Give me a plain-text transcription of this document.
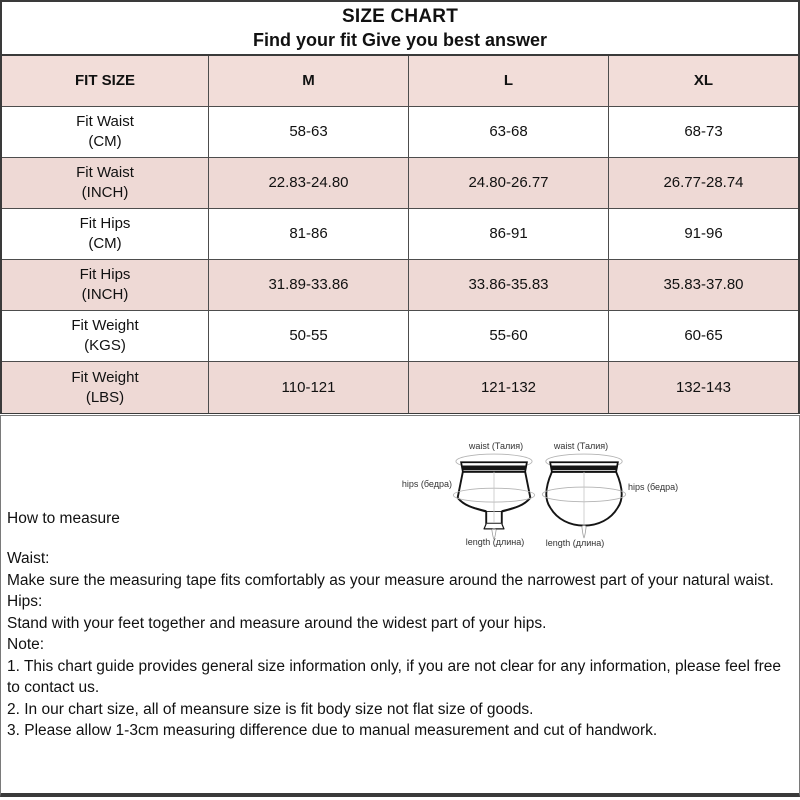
SIZE CHART
Find your fit Give you best answer
FIT SIZE	M	L	XL
Fit Waist
(CM)
58-63	63-68	68-73
Fit Waist
(INCH)
22.83-24.80	24.80-26.77	26.77-28.74
Fit Hips
(CM)
81-86	86-91	91-96
Fit Hips
(INCH)
31.89-33.86	33.86-35.83	35.83-37.80
Fit Weight
(KGS)
50-55	55-60	60-65
Fit Weight
(LBS)
110-121	121-132	132-143
waist (Талия)	waist (Талия)
hips (бедра)	hips (бедра)
length (длина) length (длина)
How to measure
Waist:
Make sure the measuring tape fits comfortably as your measure around the narrowest part of your natural waist.
Hips:
Stand with your feet together and measure around the widest part of your hips.
Note:
1. This chart guide provides general size information only, if you are not clear for any information, please feel free to contact us.
2. In our chart size, all of meansure size is fit body size not flat size of goods.
3. Please allow 1-3cm measuring difference due to manual measurement and cut of handwork.
